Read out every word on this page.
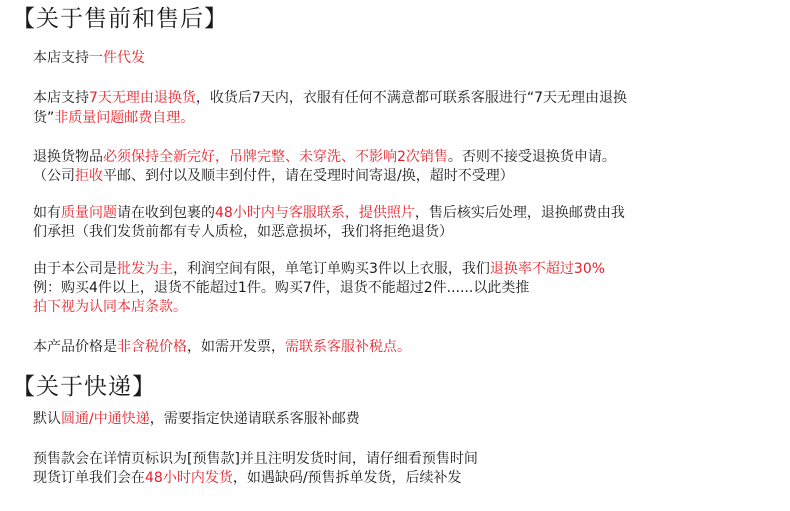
【关于售前和售后】
本店支持一件代发
本店支持7天无理由退换货，收货后7天内，衣服有任何不满意都可联系客服进行“7天无理由退换
货”非质量问题邮费自理。
退换货物品必须保持全新完好，吊牌完整、未穿洗、不影响2次销售。否则不接受退换货申请。
（公司拒收平邮、到付以及顺丰到付件，请在受理时间寄退/换，超时不受理）
如有质量问题请在收到包裹的48小时内与客服联系，提供照片，售后核实后处理，退换邮费由我
们承担（我们发货前都有专人质检，如恶意损坏，我们将拒绝退货）
由于本公司是批发为主，利润空间有限，单笔订单购买3件以上衣服，我们退换率不超过30%
例：购买4件以上，退货不能超过1件。购买7件，退货不能超过2件......以此类推
拍下视为认同本店条款。
本产品价格是非含税价格，如需开发票，需联系客服补税点。
【关于快递】
默认圆通/中通快递，需要指定快递请联系客服补邮费
预售款会在详情页标识为[预售款]并且注明发货时间，请仔细看预售时间
现货订单我们会在48小时内发货，如遇缺码/预售拆单发货，后续补发
